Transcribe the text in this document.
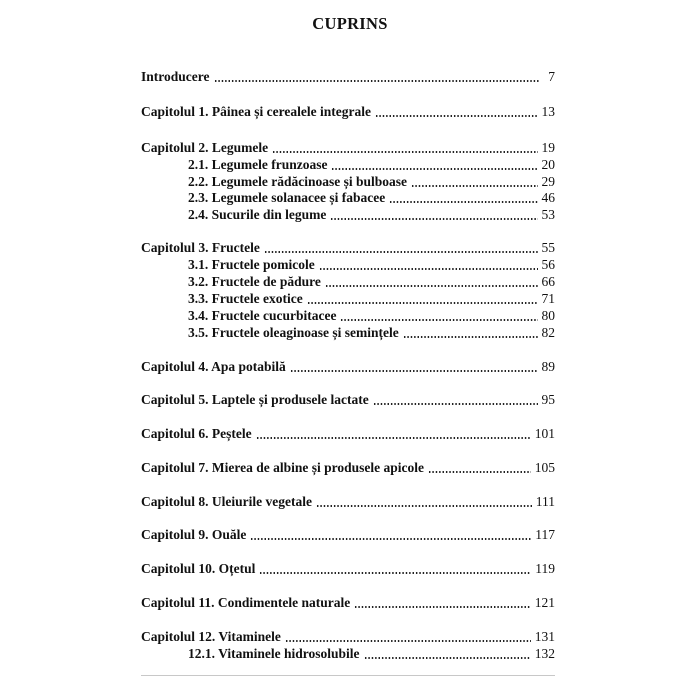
CUPRINS
Introducere	7
Capitolul 1. Pâinea și cerealele integrale	13
Capitolul 2. Legumele	19
2.1. Legumele frunzoase	20
2.2. Legumele rădăcinoase și bulboase	29
2.3. Legumele solanacee și fabacee	46
2.4. Sucurile din legume	53
Capitolul 3. Fructele	55
3.1. Fructele pomicole	56
3.2. Fructele de pădure	66
3.3. Fructele exotice	71
3.4. Fructele cucurbitacee	80
3.5. Fructele oleaginoase și semințele	82
Capitolul 4. Apa potabilă	89
Capitolul 5. Laptele și produsele lactate	95
Capitolul 6. Peștele	101
Capitolul 7. Mierea de albine și produsele apicole	105
Capitolul 8. Uleiurile vegetale	111
Capitolul 9. Ouăle	117
Capitolul 10. Oțetul	119
Capitolul 11. Condimentele naturale	121
Capitolul 12. Vitaminele	131
12.1. Vitaminele hidrosolubile	132
